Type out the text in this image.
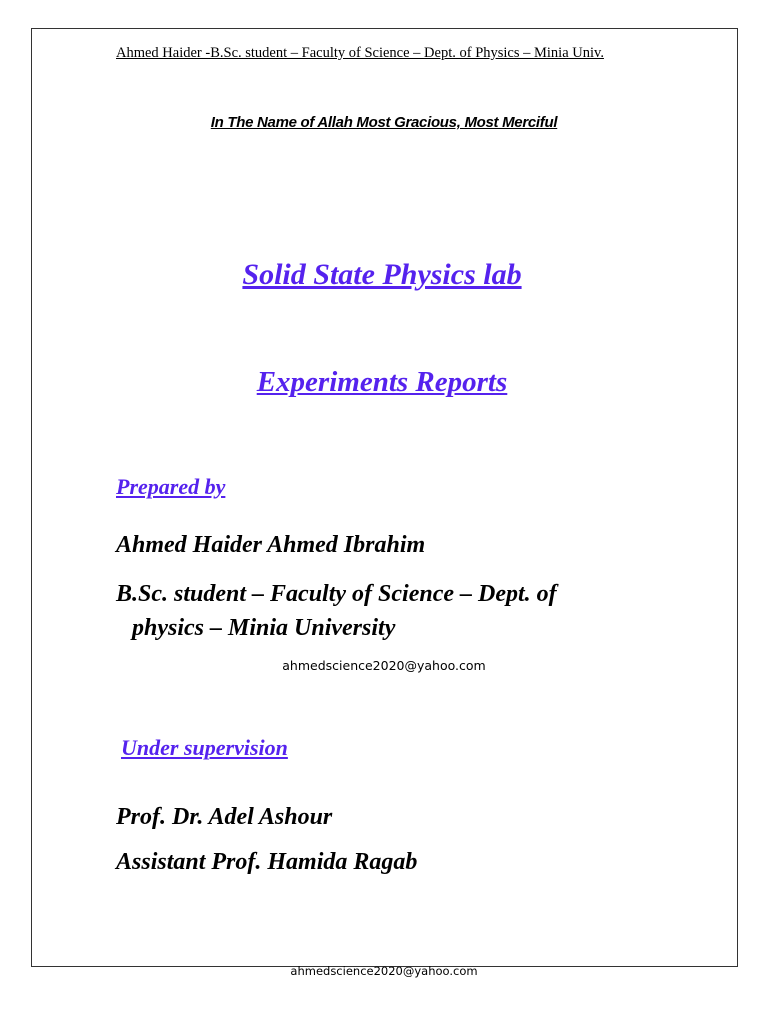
Ahmed Haider -B.Sc. student – Faculty of Science – Dept. of Physics – Minia Univ.

In The Name of Allah Most Gracious, Most Merciful

Solid State Physics lab

Experiments Reports

Prepared by

Ahmed Haider Ahmed Ibrahim

B.Sc. student – Faculty of Science – Dept. of
physics – Minia University

ahmedscience2020@yahoo.com

Under supervision

Prof. Dr. Adel Ashour

Assistant Prof. Hamida Ragab

ahmedscience2020@yahoo.com
